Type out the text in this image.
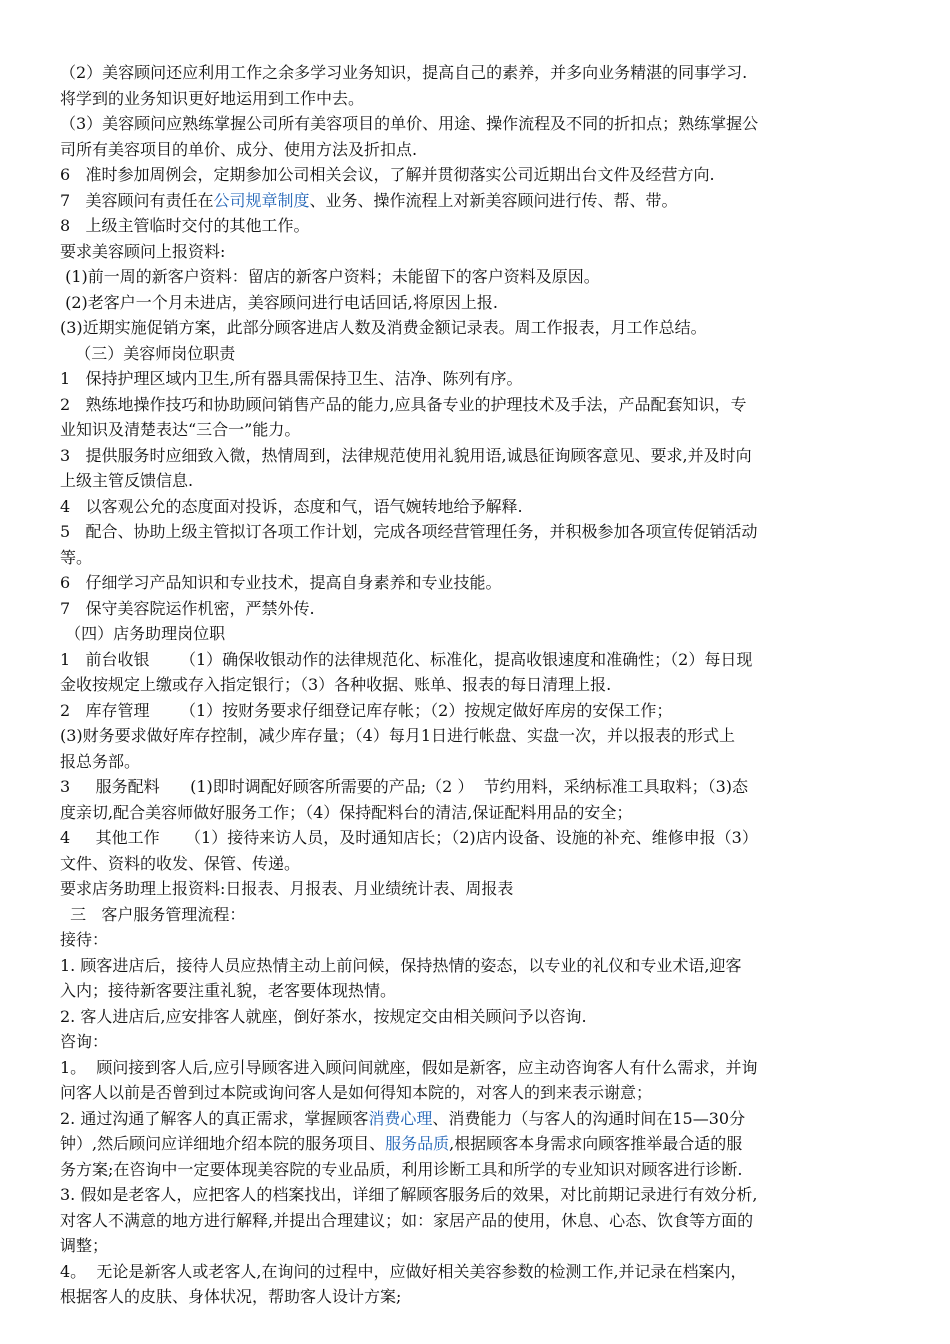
（2）美容顾问还应利用工作之余多学习业务知识，提高自己的素养，并多向业务精湛的同事学习.
将学到的业务知识更好地运用到工作中去。
（3）美容顾问应熟练掌握公司所有美容项目的单价、用途、操作流程及不同的折扣点；熟练掌握公
司所有美容项目的单价、成分、使用方法及折扣点.
6   准时参加周例会，定期参加公司相关会议，了解并贯彻落实公司近期出台文件及经营方向.
7   美容顾问有责任在公司规章制度、业务、操作流程上对新美容顾问进行传、帮、带。
8   上级主管临时交付的其他工作。
要求美容顾问上报资料:
(1)前一周的新客户资料：留店的新客户资料；未能留下的客户资料及原因。
(2)老客户一个月未进店，美容顾问进行电话回话,将原因上报.
(3)近期实施促销方案，此部分顾客进店人数及消费金额记录表。周工作报表，月工作总结。
（三）美容师岗位职责
1   保持护理区域内卫生,所有器具需保持卫生、洁净、陈列有序。
2   熟练地操作技巧和协助顾问销售产品的能力,应具备专业的护理技术及手法，产品配套知识，专
业知识及清楚表达“三合一”能力。
3   提供服务时应细致入微，热情周到，法律规范使用礼貌用语,诚恳征询顾客意见、要求,并及时向
上级主管反馈信息.
4   以客观公允的态度面对投诉，态度和气，语气婉转地给予解释.
5   配合、协助上级主管拟订各项工作计划，完成各项经营管理任务，并积极参加各项宣传促销活动
等。
6   仔细学习产品知识和专业技术，提高自身素养和专业技能。
7   保守美容院运作机密，严禁外传.
（四）店务助理岗位职
1   前台收银      （1）确保收银动作的法律规范化、标准化，提高收银速度和准确性；（2）每日现
金收按规定上缴或存入指定银行；（3）各种收据、账单、报表的每日清理上报.
2   库存管理      （1）按财务要求仔细登记库存帐；（2）按规定做好库房的安保工作；
(3)财务要求做好库存控制，减少库存量；（4）每月1日进行帐盘、实盘一次，并以报表的形式上
报总务部。
3     服务配料      (1)即时调配好顾客所需要的产品;（2 ）  节约用料，采纳标准工具取料；（3)态
度亲切,配合美容师做好服务工作；（4）保持配料台的清洁,保证配料用品的安全；
4     其他工作     （1）接待来访人员，及时通知店长；（2)店内设备、设施的补充、维修申报（3）
文件、资料的收发、保管、传递。
要求店务助理上报资料:日报表、月报表、月业绩统计表、周报表
三   客户服务管理流程：
接待：
1. 顾客进店后，接待人员应热情主动上前问候，保持热情的姿态，以专业的礼仪和专业术语,迎客
入内；接待新客要注重礼貌，老客要体现热情。
2. 客人进店后,应安排客人就座，倒好茶水，按规定交由相关顾问予以咨询.
咨询：
1。  顾问接到客人后,应引导顾客进入顾问间就座，假如是新客，应主动咨询客人有什么需求，并询
问客人以前是否曾到过本院或询问客人是如何得知本院的，对客人的到来表示谢意；
2. 通过沟通了解客人的真正需求，掌握顾客消费心理、消费能力（与客人的沟通时间在15—30分
钟）,然后顾问应详细地介绍本院的服务项目、服务品质,根据顾客本身需求向顾客推举最合适的服
务方案;在咨询中一定要体现美容院的专业品质，利用诊断工具和所学的专业知识对顾客进行诊断.
3. 假如是老客人，应把客人的档案找出，详细了解顾客服务后的效果，对比前期记录进行有效分析,
对客人不满意的地方进行解释,并提出合理建议；如：家居产品的使用，休息、心态、饮食等方面的
调整；
4。  无论是新客人或老客人,在询问的过程中，应做好相关美容参数的检测工作,并记录在档案内，
根据客人的皮肤、身体状况，帮助客人设计方案;
